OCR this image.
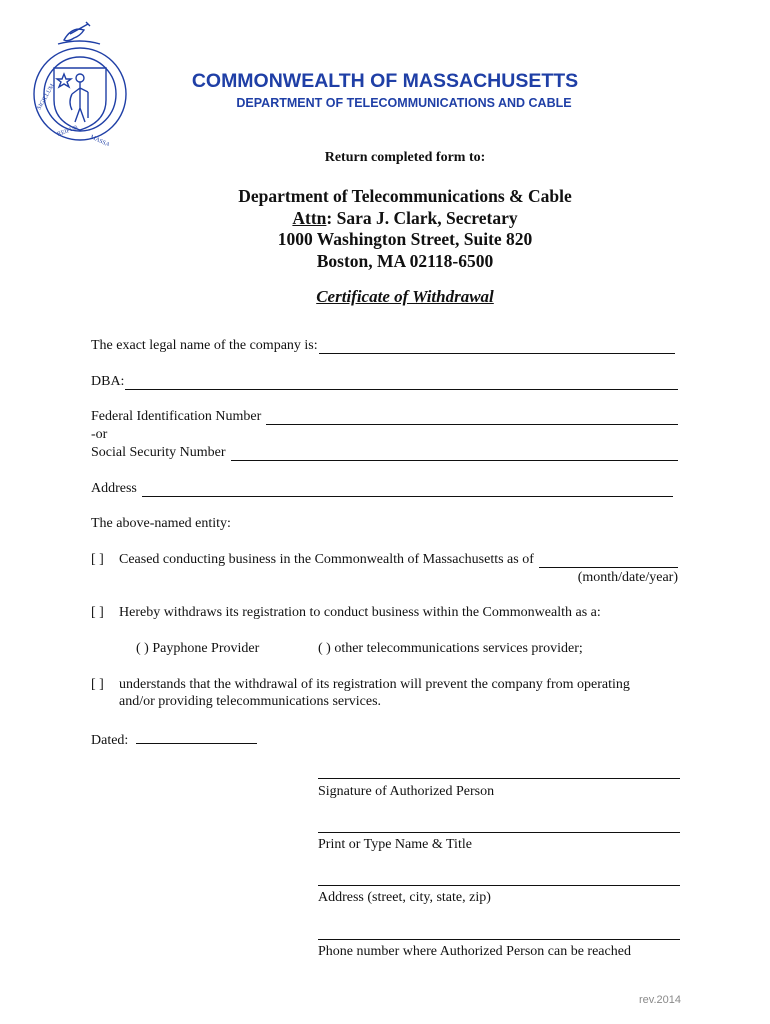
SIGILLUM
REIPUB
MASSA
COMMONWEALTH OF MASSACHUSETTS
DEPARTMENT OF TELECOMMUNICATIONS AND CABLE
Return completed form to:
Department of Telecommunications & Cable
Attn: Sara J. Clark, Secretary
1000 Washington Street, Suite 820
Boston, MA 02118-6500
Certificate of Withdrawal
The exact legal name of the company is:
DBA:
Federal Identification Number
-or
Social Security Number
Address
The above-named entity:
[ ] Ceased conducting business in the Commonwealth of Massachusetts as of
(month/date/year)
[ ] Hereby withdraws its registration to conduct business within the Commonwealth as a:
( ) Payphone Provider	( ) other telecommunications services provider;
[ ] understands that the withdrawal of its registration will prevent the company from operating
and/or providing telecommunications services.
Dated:
Signature of Authorized Person
Print or Type Name & Title
Address (street, city, state, zip)
Phone number where Authorized Person can be reached
rev.2014
